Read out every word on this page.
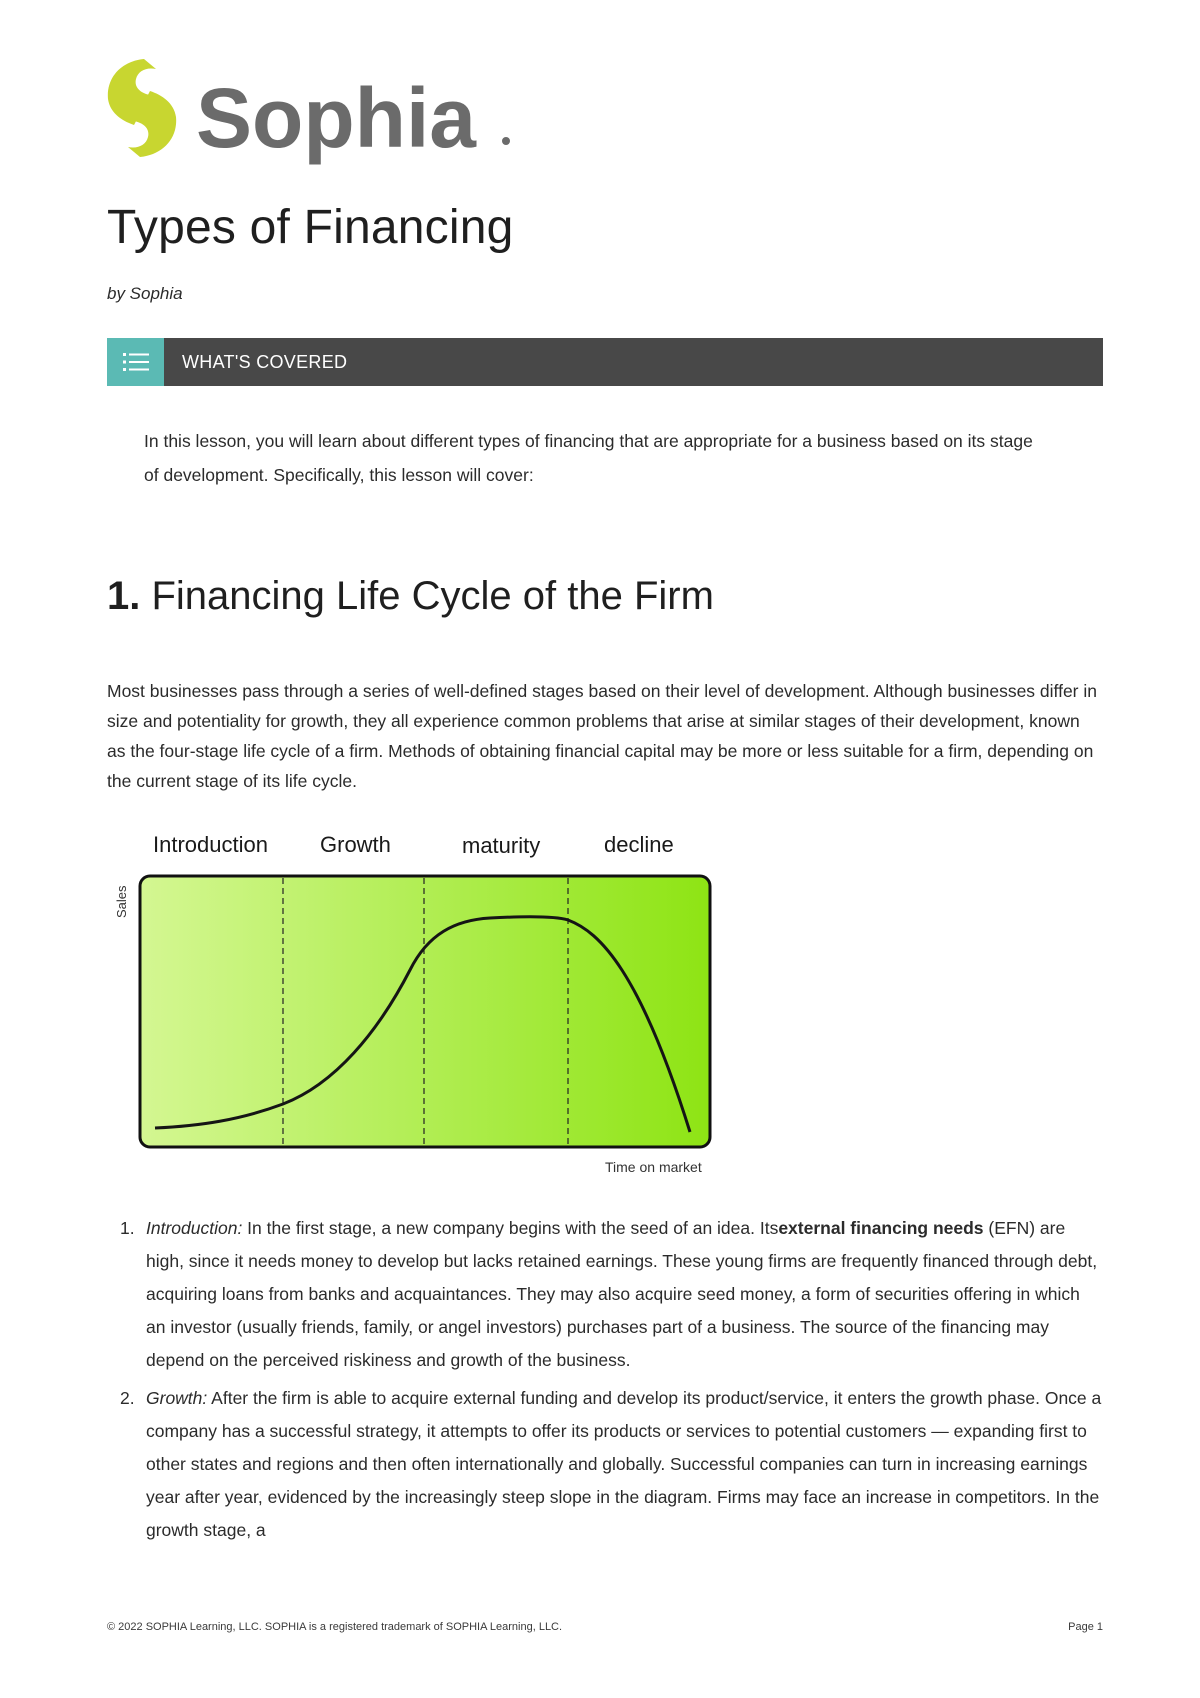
Sophia
Types of Financing
by Sophia
WHAT'S COVERED

In this lesson, you will learn about different types of financing that are appropriate for a business based on its stage of development. Specifically, this lesson will cover:

1. Financing Life Cycle of the Firm

Most businesses pass through a series of well-defined stages based on their level of development. Although businesses differ in size and potentiality for growth, they all experience common problems that arise at similar stages of their development, known as the four-stage life cycle of a firm. Methods of obtaining financial capital may be more or less suitable for a firm, depending on the current stage of its life cycle.

Introduction Growth	maturity	decline
Sales
Time on market
1. Introduction: In the first stage, a new company begins with the seed of an idea. Itsexternal financing needs (EFN) are high, since it needs money to develop but lacks retained earnings. These young firms are frequently financed through debt, acquiring loans from banks and acquaintances. They may also acquire seed money, a form of securities offering in which an investor (usually friends, family, or angel investors) purchases part of a business. The source of the financing may depend on the perceived riskiness and growth of the business.
2. Growth: After the firm is able to acquire external funding and develop its product/service, it enters the growth phase. Once a company has a successful strategy, it attempts to offer its products or services to potential customers — expanding first to other states and regions and then often internationally and globally. Successful companies can turn in increasing earnings year after year, evidenced by the increasingly steep slope in the diagram. Firms may face an increase in competitors. In the growth stage, a
© 2022 SOPHIA Learning, LLC. SOPHIA is a registered trademark of SOPHIA Learning, LLC.	Page 1
